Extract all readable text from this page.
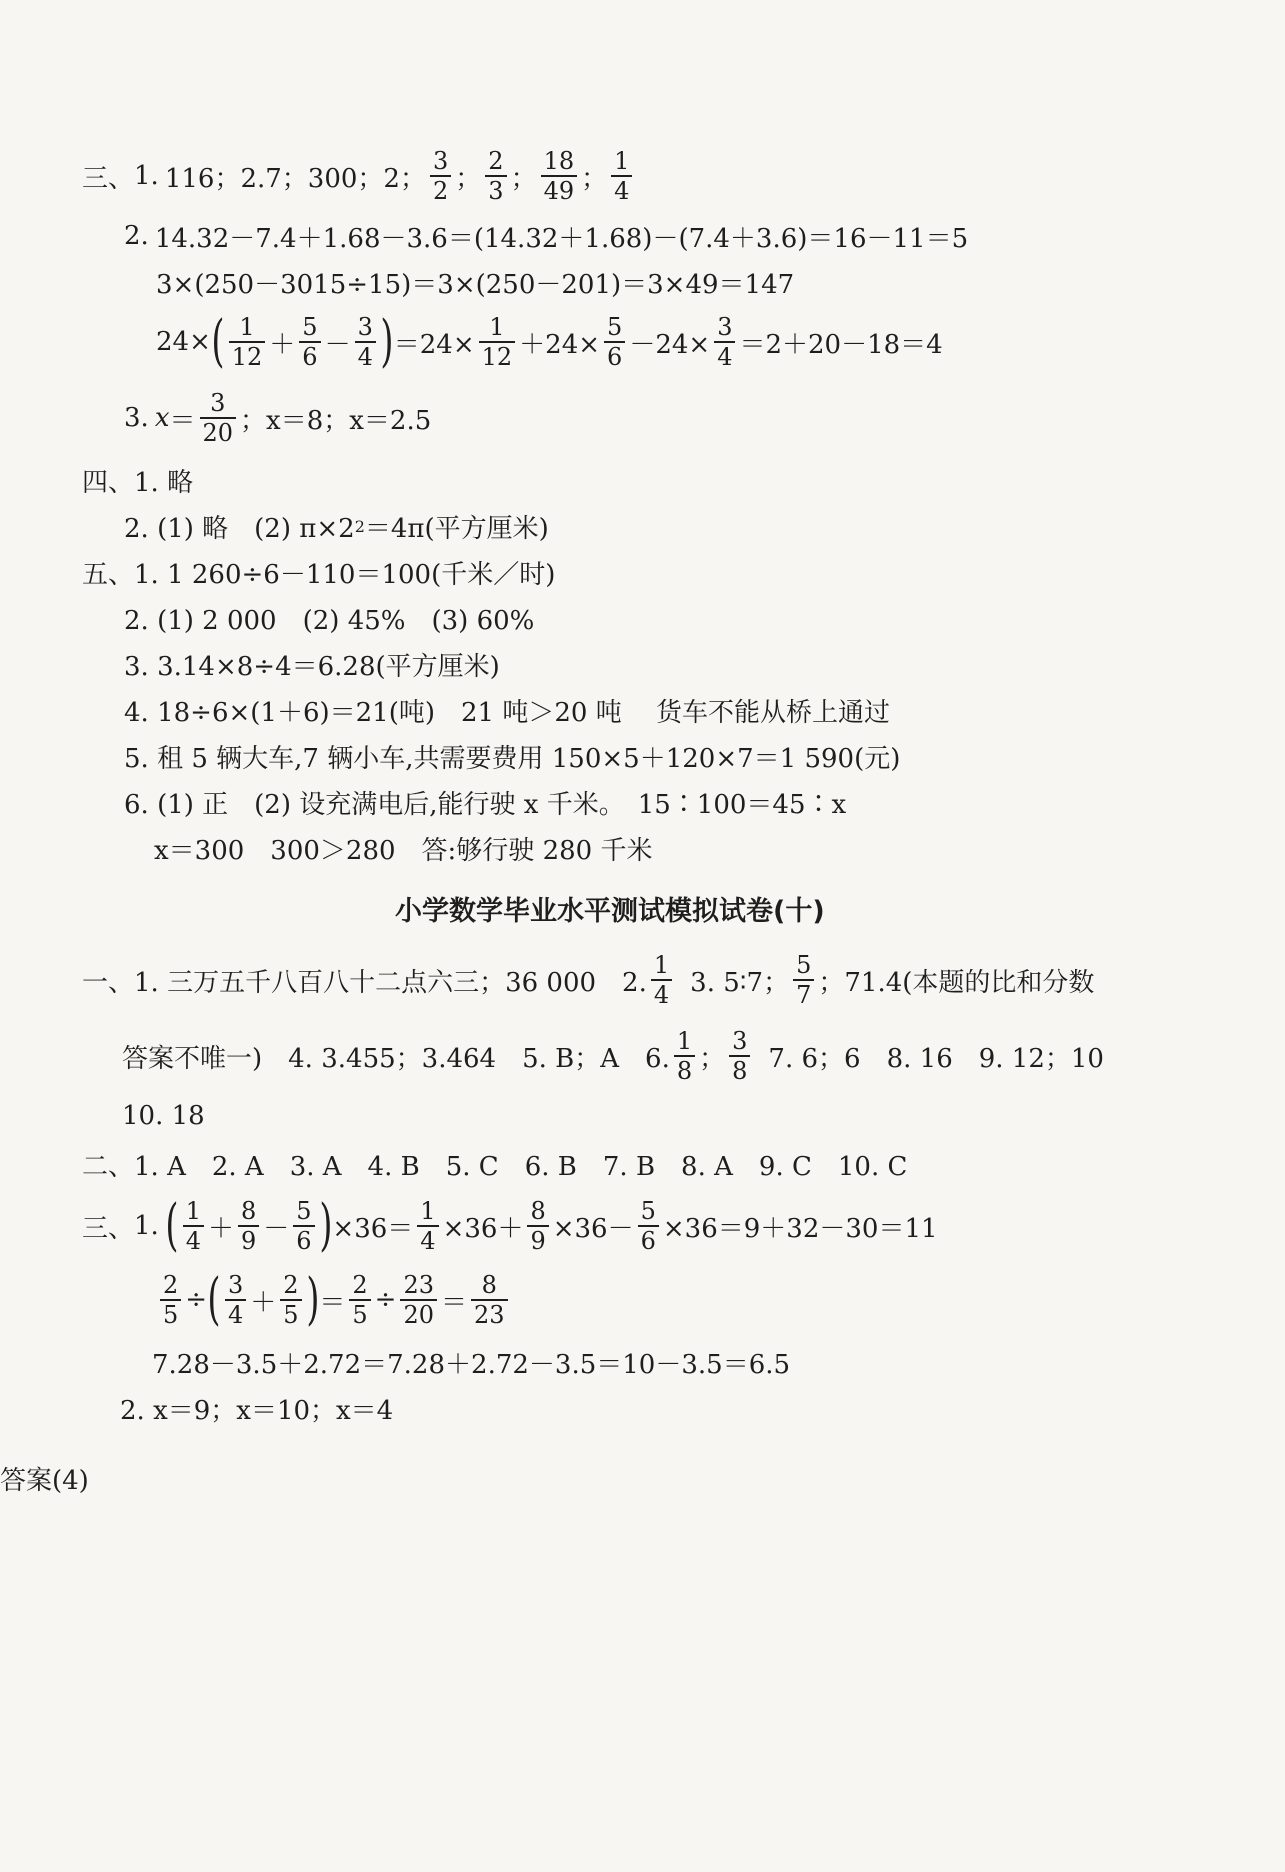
三、 1. 116；2.7；300；2； $\frac{3}{2}$ ； $\frac{2}{3}$ ； $\frac{18}{49}$ ； $\frac{1}{4}$
2. 14.32－7.4＋1.68－3.6＝(14.32＋1.68)－(7.4＋3.6)＝16－11＝5
3×(250－3015÷15)＝3×(250－201)＝3×49＝147
24× ( $\frac{1}{12} + \frac{5}{6} - \frac{3}{4}$ ) $=24\times \frac{1}{12} +24\times \frac{5}{6} -24\times \frac{3}{4} =2+20-18=4$
3. $x = \frac{3}{20}$ ；x＝8；x＝2.5
四、 1. 略
2. (1) 略　(2) π×2 2 ＝4π(平方厘米)
五、 1. 1 260÷6－110＝100(千米／时)
2. (1) 2 000　(2) 45%　(3) 60%
3. 3.14×8÷4＝6.28(平方厘米)
4. 18÷6×(1＋6)＝21(吨)　21 吨＞20 吨　 货车不能从桥上通过
5. 租 5 辆大车,7 辆小车,共需要费用 150×5＋120×7＝1 590(元)
6. (1) 正　(2) 设充满电后,能行驶 x 千米。　15∶100＝45∶x
x＝300　300＞280　答:够行驶 280 千米
小学数学毕业水平测试模拟试卷(十)
一、 1. 三万五千八百八十二点六三；36 000　2. $\frac{1}{4} 3$. 5∶7； $\frac{5}{7}$ ；71.4(本题的比和分数
答案不唯一)　4. 3.455；3.464　5. B；A　6. $\frac{1}{8}$ ； $\frac{3}{8} 7$. 6；6　8. 16　9. 12；10
10. 18
二、 1. A　2. A　3. A　4. B　5. C　6. B　7. B　8. A　9. C　10. C
三、 1. ( $\frac{1}{4} + \frac{8}{9} - \frac{5}{6}$ ) $\times 36= \frac{1}{4} \times 36+ \frac{8}{9} \times 36- \frac{5}{6} \times 36=9+32-30=11$
$\frac{2}{5}$ ÷ ( $\frac{3}{4} + \frac{2}{5}$ ) ＝ $\frac{2}{5} \div \frac{23}{20} = \frac{8}{23}$
7.28－3.5＋2.72＝7.28＋2.72－3.5＝10－3.5＝6.5
2. x＝9；x＝10；x＝4
答案(4)
